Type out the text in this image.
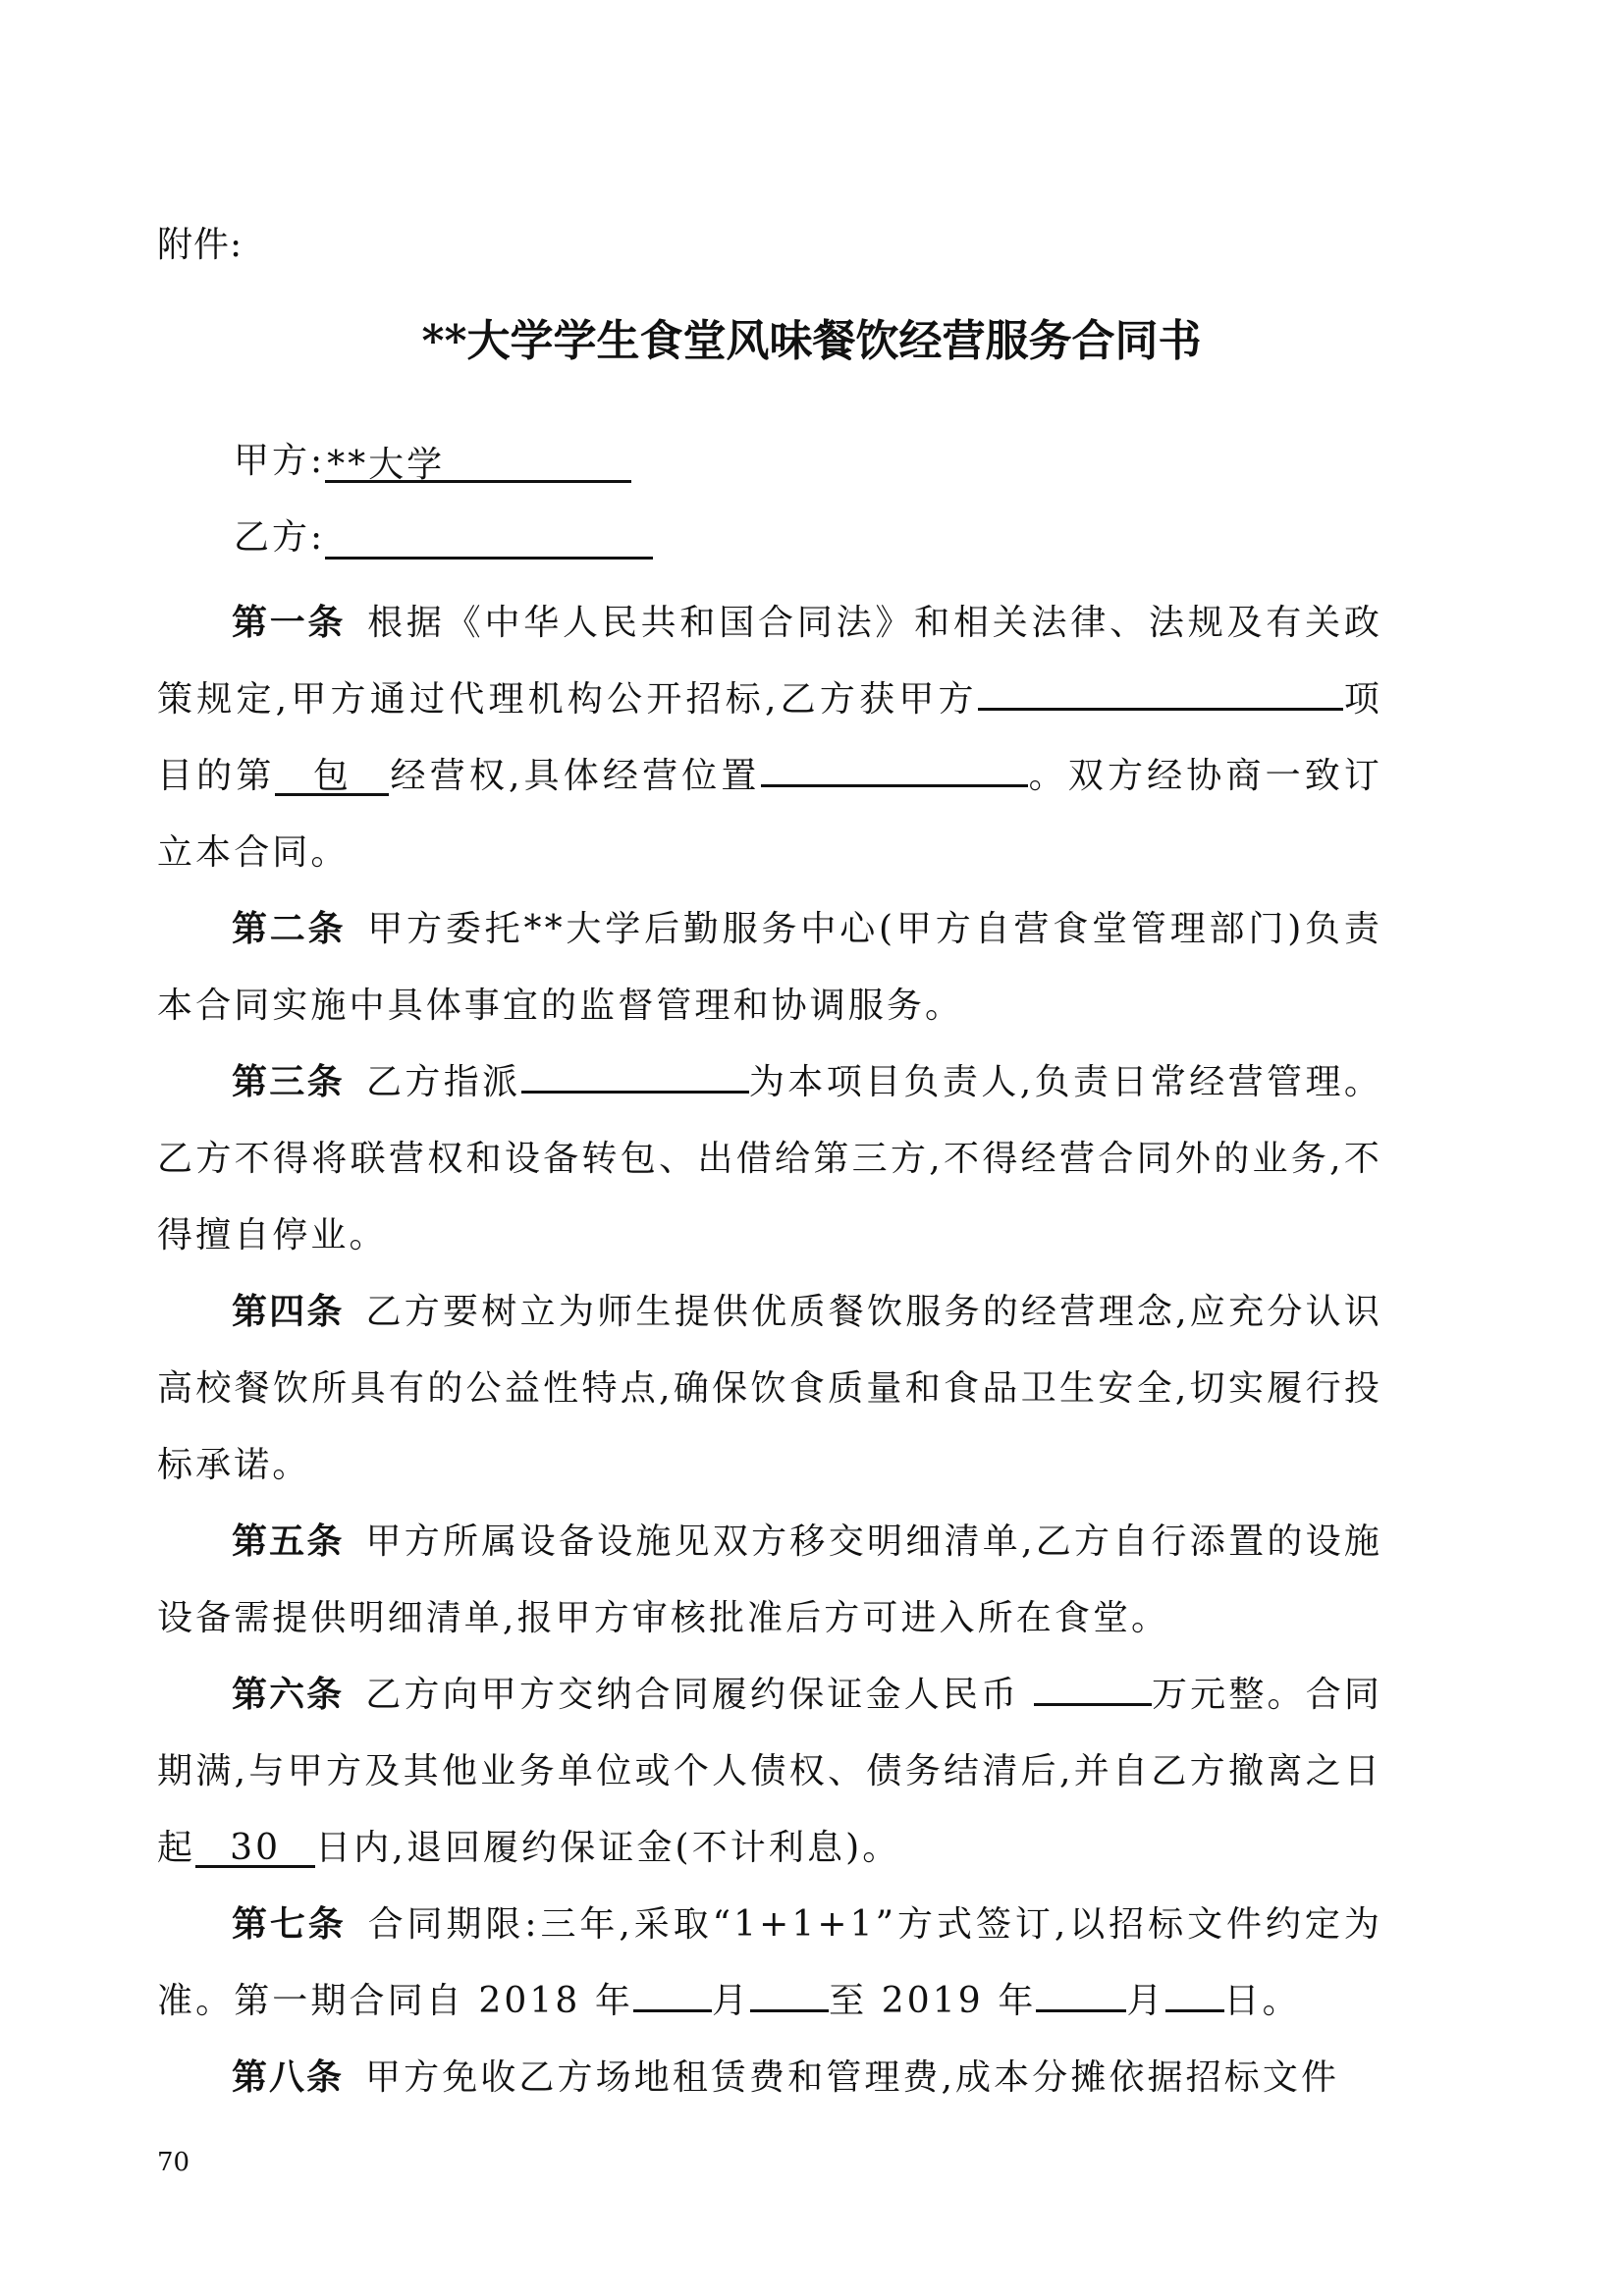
附件:
**大学学生食堂风味餐饮经营服务合同书
甲方:**大学
乙方:

第一条 根据《中华人民共和国合同法》和相关法律、法规及有关政策规定,甲方通过代理机构公开招标,乙方获甲方	项目的第 包 经营权,具体经营位置	。双方经协商一致订立本合同。

第二条 甲方委托**大学后勤服务中心(甲方自营食堂管理部门)负责本合同实施中具体事宜的监督管理和协调服务。

第三条 乙方指派	为本项目负责人,负责日常经营管理。乙方不得将联营权和设备转包、出借给第三方,不得经营合同外的业务,不得擅自停业。

第四条 乙方要树立为师生提供优质餐饮服务的经营理念,应充分认识高校餐饮所具有的公益性特点,确保饮食质量和食品卫生安全,切实履行投标承诺。

第五条 甲方所属设备设施见双方移交明细清单,乙方自行添置的设施设备需提供明细清单,报甲方审核批准后方可进入所在食堂。

第六条 乙方向甲方交纳合同履约保证金人民币	万元整。合同期满,与甲方及其他业务单位或个人债权、债务结清后,并自乙方撤离之日起 30 日内,退回履约保证金(不计利息)。

第七条 合同期限:三年,采取“1+1+1”方式签订,以招标文件约定为准。第一期合同自 2018 年 月 至 2019 年	月 日。

第八条 甲方免收乙方场地租赁费和管理费,成本分摊依据招标文件

70
